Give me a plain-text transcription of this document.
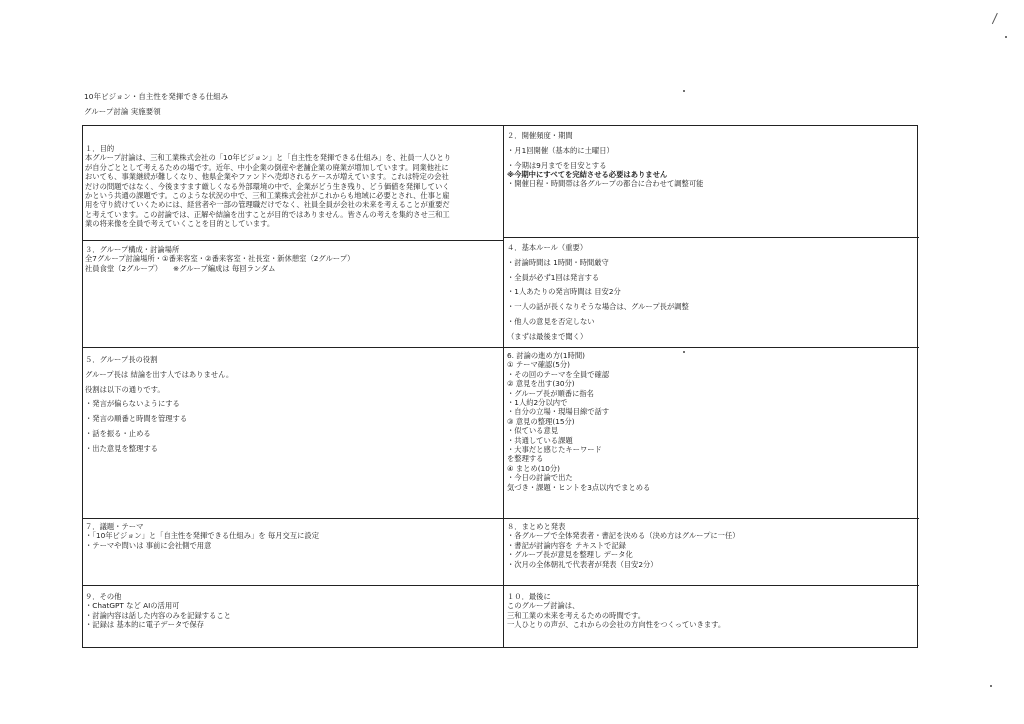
10年ビジョン・自主性を発揮できる仕組み
グループ討論 実施要領
１．目的
本グループ討論は、三和工業株式会社の「10年ビジョン」と「自主性を発揮できる仕組み」を、社員一人ひとり
が自分ごととして考えるための場です。近年、中小企業の倒産や老舗企業の廃業が増加しています。同業他社に
おいても、事業継続が難しくなり、他県企業やファンドへ売却されるケースが増えています。これは特定の会社
だけの問題ではなく、今後ますます厳しくなる外部環境の中で、企業がどう生き残り、どう価値を発揮していく
かという共通の課題です。このような状況の中で、三和工業株式会社がこれからも地域に必要とされ、仕事と雇
用を守り続けていくためには、経営者や一部の管理職だけでなく、社員全員が会社の未来を考えることが重要だ
と考えています。この討論では、正解や結論を出すことが目的ではありません。皆さんの考えを集約させ三和工
業の将来像を全員で考えていくことを目的としています。
２．開催頻度・期間
・月1回開催（基本的に土曜日）
・今期は9月までを目安とする
※今期中にすべてを完結させる必要はありません
・開催日程・時間帯は各グループの都合に合わせて調整可能
３．グループ構成・討論場所
全7グループ討論場所・①番来客室・②番来客室・社長室・新休憩室（2グループ）
社員食堂（2グループ）　　※グループ編成は 毎回ランダム
４．基本ルール（重要）
・討論時間は 1時間・時間厳守
・全員が必ず1回は発言する
・1人あたりの発言時間は 目安2分
・一人の話が長くなりそうな場合は、グループ長が調整
・他人の意見を否定しない
（まずは最後まで聞く）
５．グループ長の役割
グループ長は 結論を出す人ではありません。
役割は以下の通りです。
・発言が偏らないようにする
・発言の順番と時間を管理する
・話を振る・止める
・出た意見を整理する
6. 討論の進め方(1時間)
① テーマ確認(5分)
・その回のテーマを全員で確認
② 意見を出す(30分)
・グループ長が順番に指名
・1人約2分以内で
・自分の立場・現場目線で話す
③ 意見の整理(15分)
・似ている意見
・共通している課題
・大事だと感じたキーワード
を整理する
④ まとめ(10分)
・今日の討論で出た
気づき・課題・ヒントを3点以内でまとめる
７．議題・テーマ
・「10年ビジョン」と「自主性を発揮できる仕組み」を 毎月交互に設定
・テーマや問いは 事前に会社側で用意
８．まとめと発表
・各グループで全体発表者・書記を決める（決め方はグループに一任）
・書記が討論内容を テキストで記録
・グループ長が意見を整理し データ化
・次月の全体朝礼で代表者が発表（目安2分）
９．その他
・ChatGPT など AIの活用可
・討論内容は話した内容のみを記録すること
・記録は 基本的に電子データで保存
１０．最後に
このグループ討論は、
三和工業の未来を考えるための時間です。
一人ひとりの声が、これからの会社の方向性をつくっていきます。
